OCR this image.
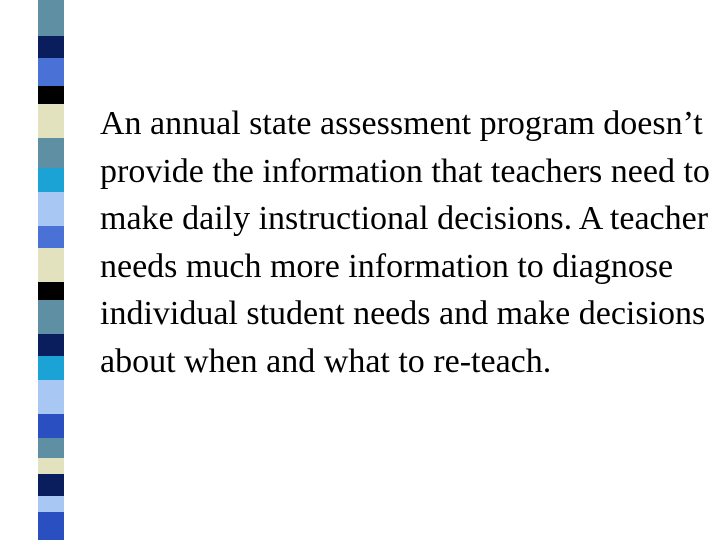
An annual state assessment program doesn’t provide the information that teachers need to make daily instructional decisions. A teacher needs much more information to diagnose individual student needs and make decisions about when and what to re-teach.
